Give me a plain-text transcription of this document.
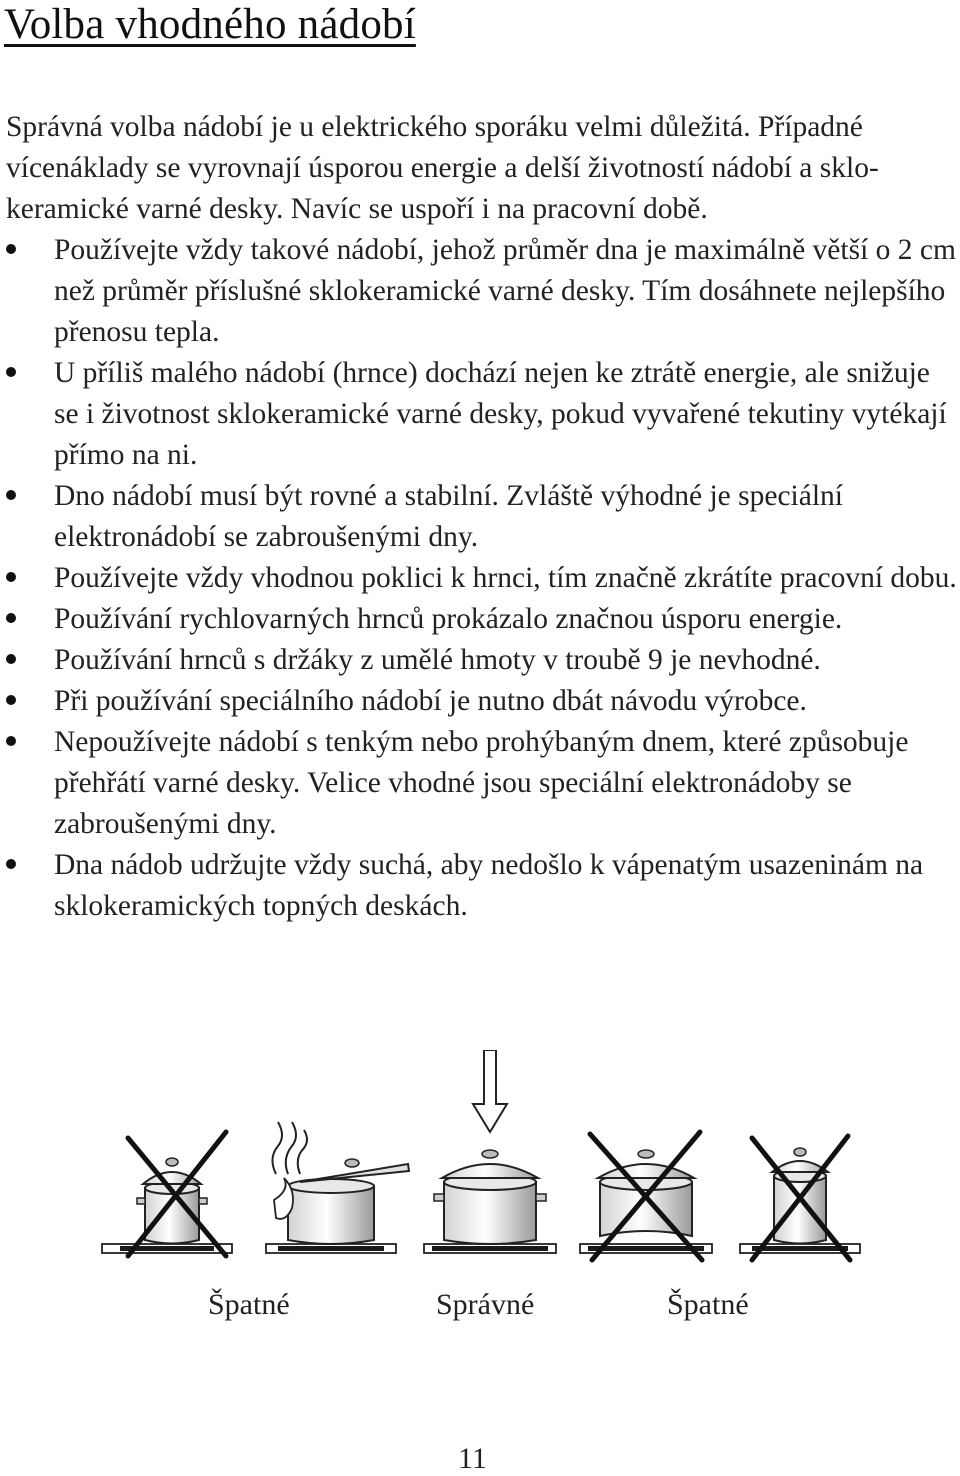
Volba vhodného nádobí

Správná volba nádobí je u elektrického sporáku velmi důležitá. Případné vícenáklady se vyrovnají úsporou energie a delší životností nádobí a sklokeramické varné desky. Navíc se uspoří i na pracovní době.

Používejte vždy takové nádobí, jehož průměr dna je maximálně větší o 2 cm než průměr příslušné sklokeramické varné desky. Tím dosáhnete nejlepšího přenosu tepla.
U příliš malého nádobí (hrnce) dochází nejen ke ztrátě energie, ale snižuje se i životnost sklokeramické varné desky, pokud vyvařené tekutiny vytékají přímo na ni.
Dno nádobí musí být rovné a stabilní. Zvláště výhodné je speciální elektronádobí se zabroušenými dny.
Používejte vždy vhodnou poklici k hrnci, tím značně zkrátíte pracovní dobu.
Používání rychlovarných hrnců prokázalo značnou úsporu energie.
Používání hrnců s držáky z umělé hmoty v troubě 9 je nevhodné.
Při používání speciálního nádobí je nutno dbát návodu výrobce.
Nepoužívejte nádobí s tenkým nebo prohýbaným dnem, které způsobuje přehřátí varné desky. Velice vhodné jsou speciální elektronádoby se zabroušenými dny.
Dna nádob udržujte vždy suchá, aby nedošlo k vápenatým usazeninám na sklokeramických topných deskách.
Špatné	Správné	Špatné
11
